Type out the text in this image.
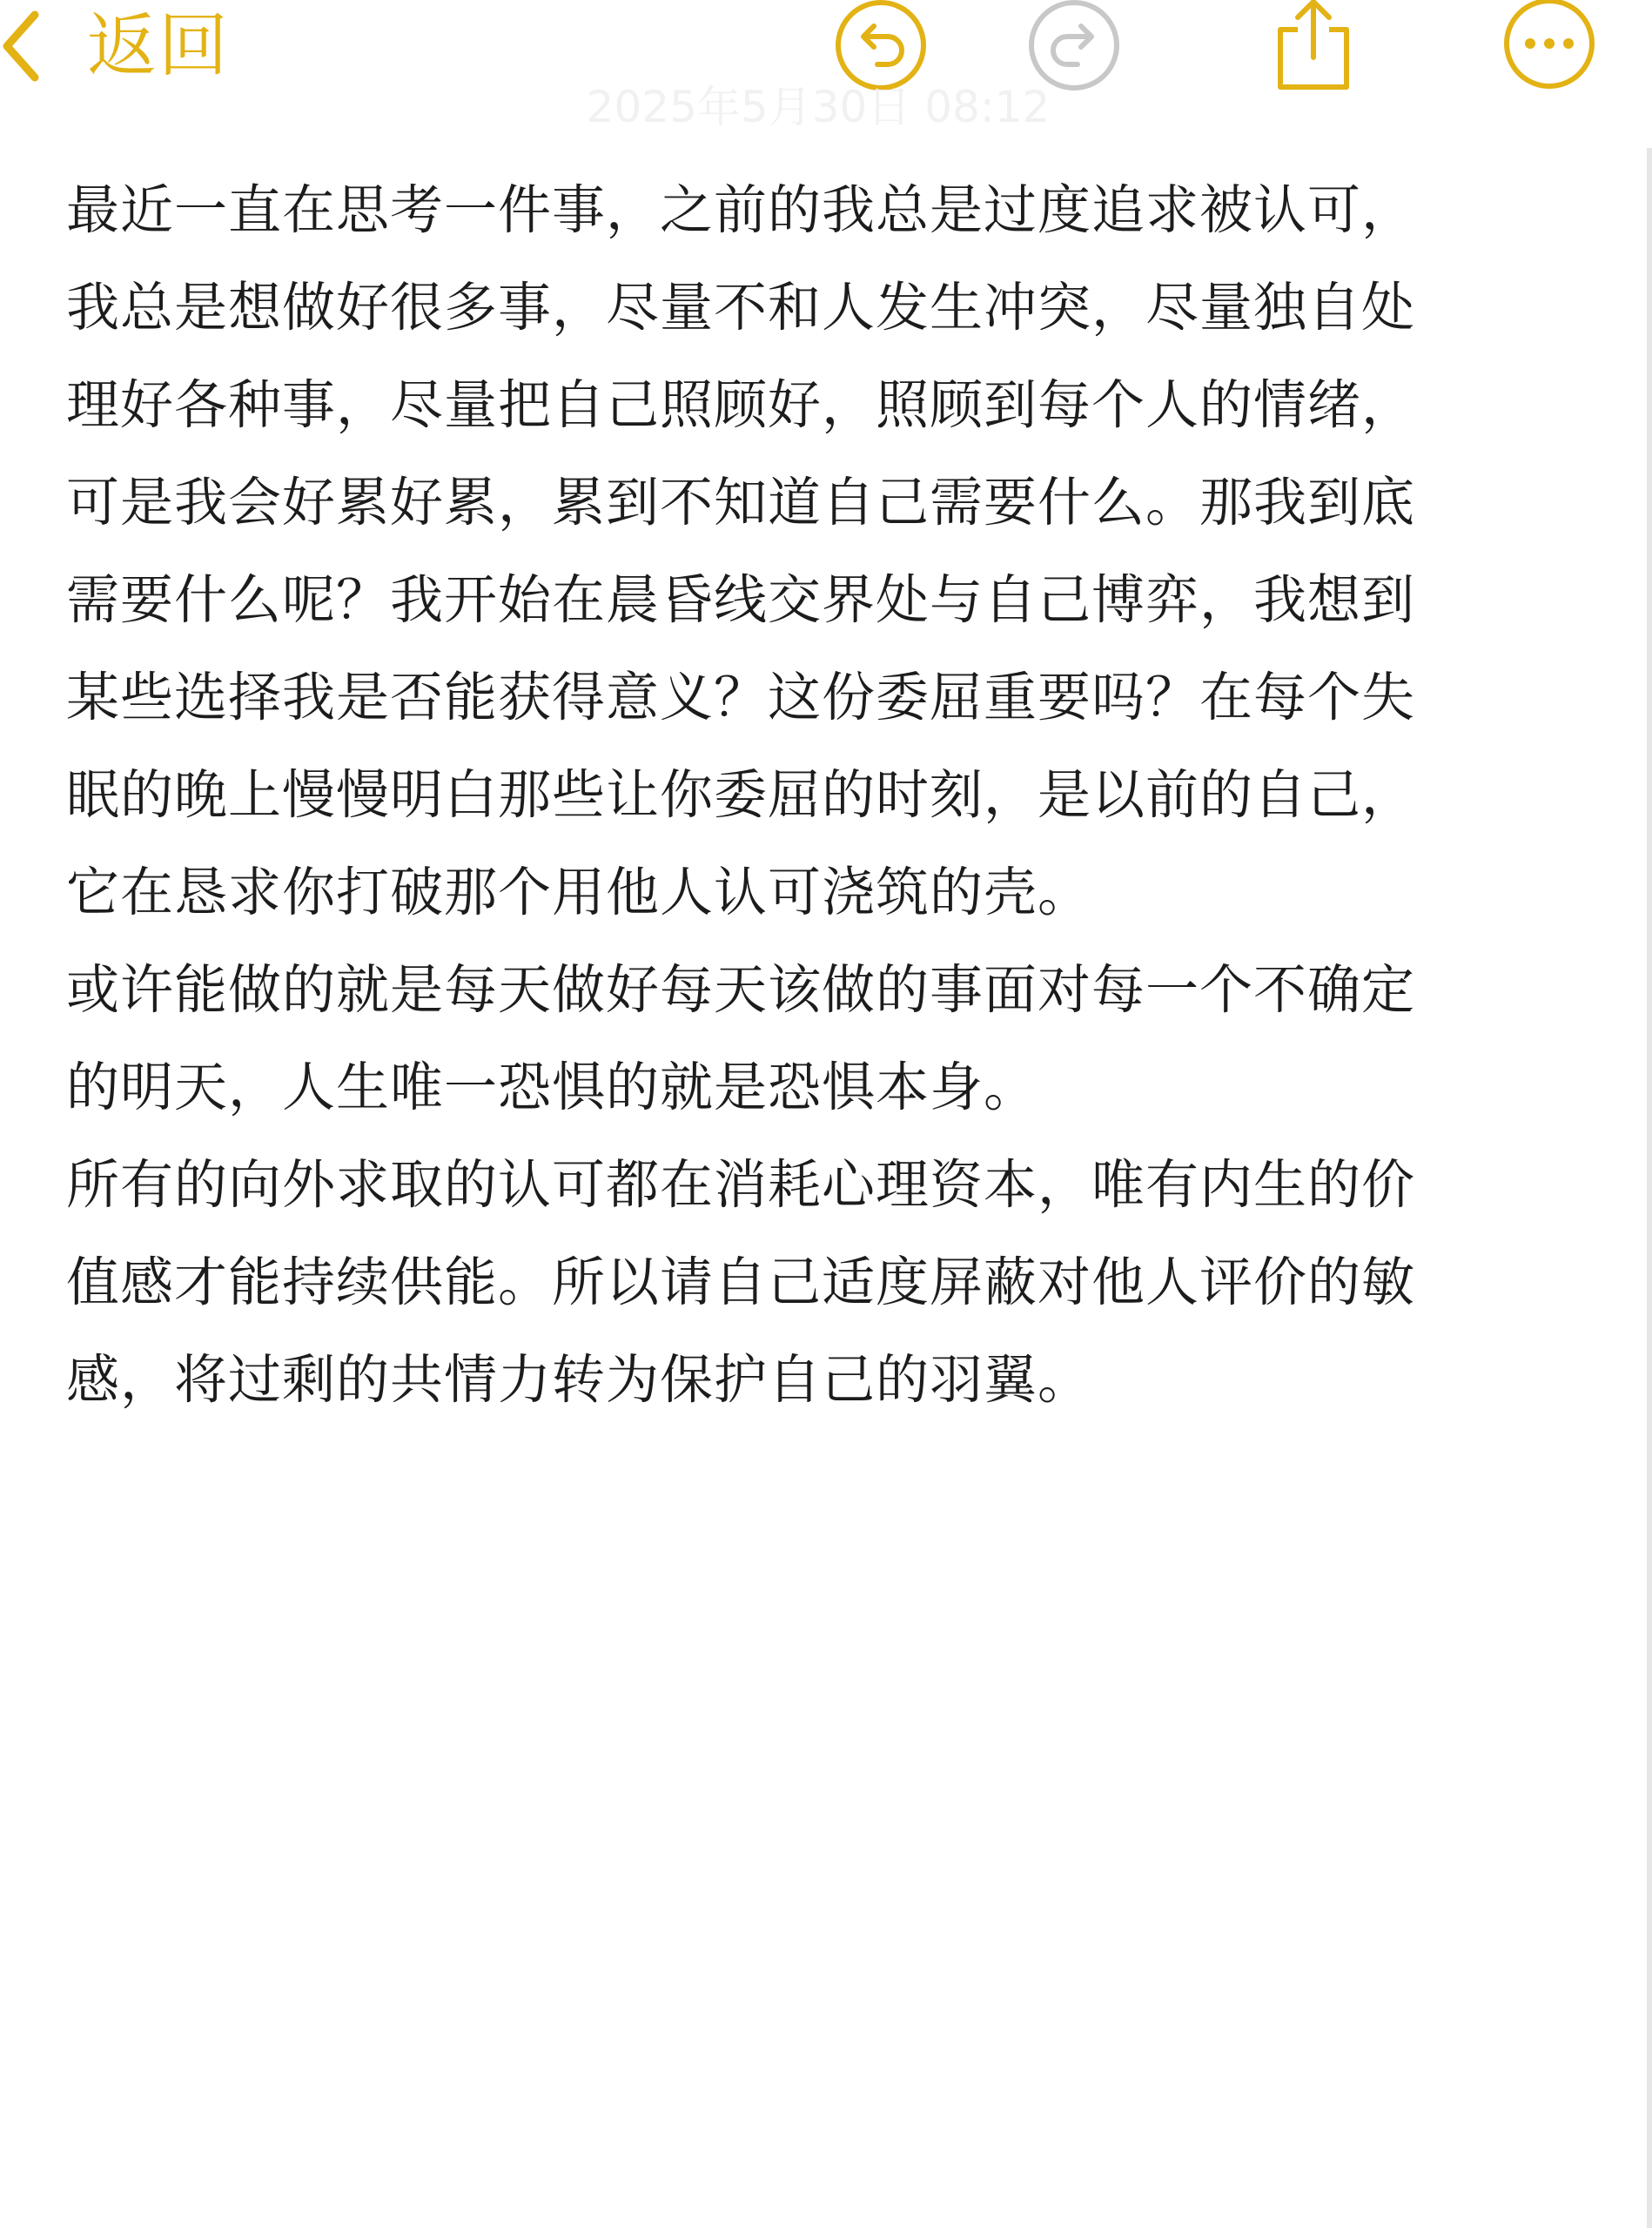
返回
2025年5月30日 08:12
最近一直在思考一件事，之前的我总是过度追求被认可，
我总是想做好很多事，尽量不和人发生冲突，尽量独自处
理好各种事，尽量把自己照顾好，照顾到每个人的情绪，
可是我会好累好累，累到不知道自己需要什么。那我到底
需要什么呢？我开始在晨昏线交界处与自己博弈，我想到
某些选择我是否能获得意义？这份委屈重要吗？在每个失
眠的晚上慢慢明白那些让你委屈的时刻，是以前的自己，
它在恳求你打破那个用他人认可浇筑的壳。
或许能做的就是每天做好每天该做的事面对每一个不确定
的明天，人生唯一恐惧的就是恐惧本身。
所有的向外求取的认可都在消耗心理资本，唯有内生的价
值感才能持续供能。所以请自己适度屏蔽对他人评价的敏
感，将过剩的共情力转为保护自己的羽翼。
